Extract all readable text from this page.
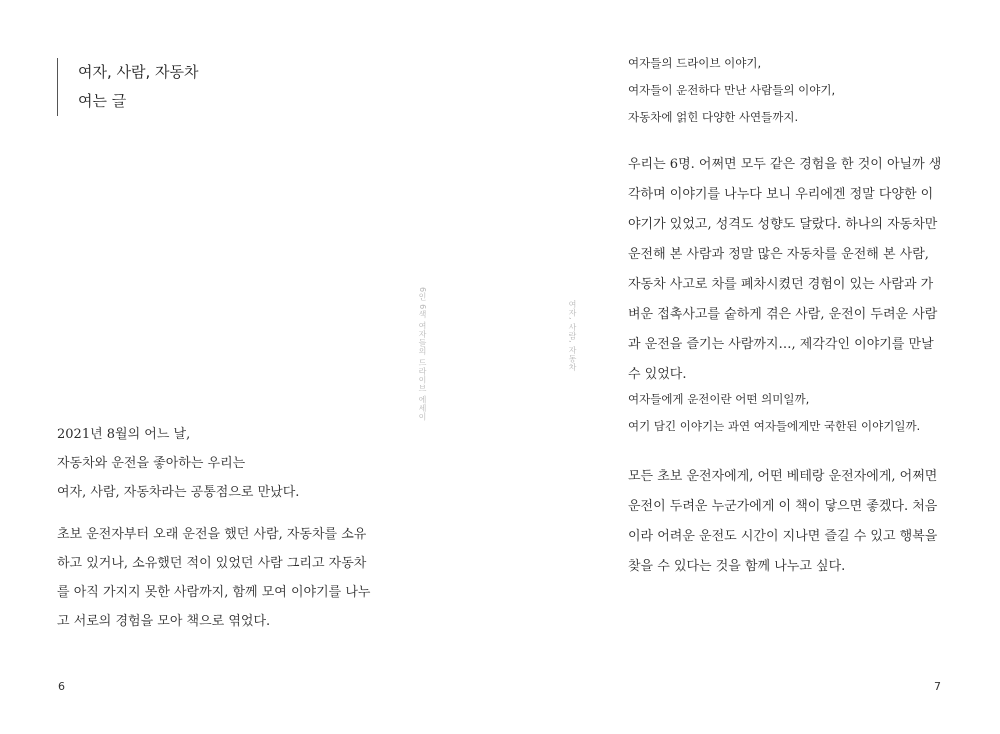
여자, 사람, 자동차
여는 글
6인 6색 여자들의 드라이브 에세이
2021년 8월의 어느 날,
자동차와 운전을 좋아하는 우리는
여자, 사람, 자동차라는 공통점으로 만났다.
초보 운전자부터 오래 운전을 했던 사람, 자동차를 소유
하고 있거나, 소유했던 적이 있었던 사람 그리고 자동차
를 아직 가지지 못한 사람까지, 함께 모여 이야기를 나누
고 서로의 경험을 모아 책으로 엮었다.
6
여자, 사람, 자동차
여자들의 드라이브 이야기,
여자들이 운전하다 만난 사람들의 이야기,
자동차에 얽힌 다양한 사연들까지.
우리는 6명. 어쩌면 모두 같은 경험을 한 것이 아닐까 생
각하며 이야기를 나누다 보니 우리에겐 정말 다양한 이
야기가 있었고, 성격도 성향도 달랐다. 하나의 자동차만
운전해 본 사람과 정말 많은 자동차를 운전해 본 사람,
자동차 사고로 차를 폐차시켰던 경험이 있는 사람과 가
벼운 접촉사고를 숱하게 겪은 사람, 운전이 두려운 사람
과 운전을 즐기는 사람까지…, 제각각인 이야기를 만날
수 있었다.
여자들에게 운전이란 어떤 의미일까,
여기 담긴 이야기는 과연 여자들에게만 국한된 이야기일까.
모든 초보 운전자에게, 어떤 베테랑 운전자에게, 어쩌면
운전이 두려운 누군가에게 이 책이 닿으면 좋겠다. 처음
이라 어려운 운전도 시간이 지나면 즐길 수 있고 행복을
찾을 수 있다는 것을 함께 나누고 싶다.
7
